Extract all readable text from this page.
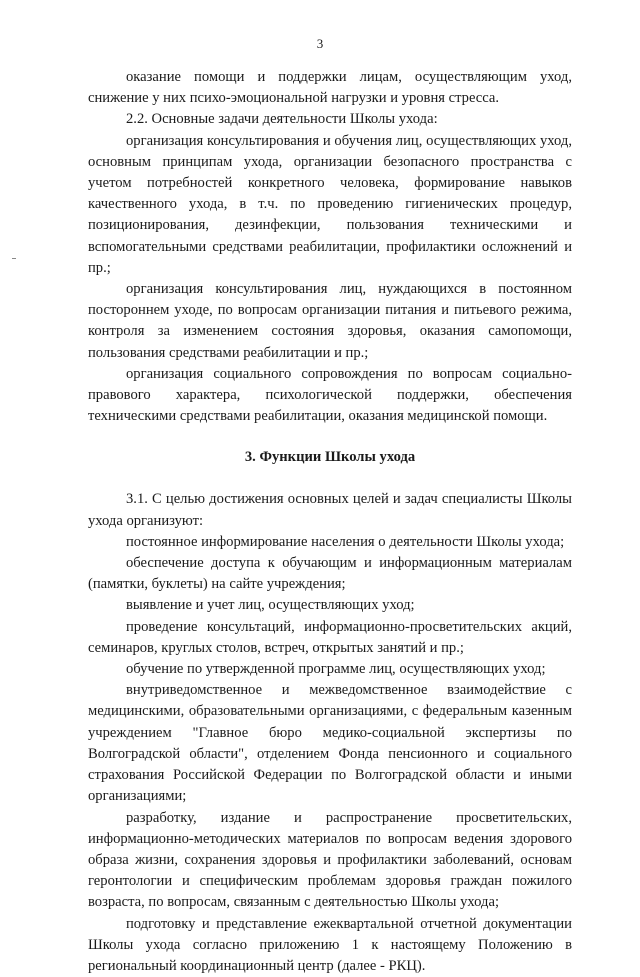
3

оказание помощи и поддержки лицам, осуществляющим уход, снижение у них психо-эмоциональной нагрузки и уровня стресса.

2.2. Основные задачи деятельности Школы ухода:

организация консультирования и обучения лиц, осуществляющих уход, основным принципам ухода, организации безопасного пространства с учетом потребностей конкретного человека, формирование навыков качественного ухода, в т.ч. по проведению гигиенических процедур, позиционирования, дезинфекции, пользования техническими и вспомогательными средствами реабилитации, профилактики осложнений и пр.;

организация консультирования лиц, нуждающихся в постоянном постороннем уходе, по вопросам организации питания и питьевого режима, контроля за изменением состояния здоровья, оказания самопомощи, пользования средствами реабилитации и пр.;

организация социального сопровождения по вопросам социально-правового характера, психологической поддержки, обеспечения техническими средствами реабилитации, оказания медицинской помощи.

3. Функции Школы ухода

3.1. С целью достижения основных целей и задач специалисты Школы ухода организуют:

постоянное информирование населения о деятельности Школы ухода;

обеспечение доступа к обучающим и информационным материалам (памятки, буклеты) на сайте учреждения;

выявление и учет лиц, осуществляющих уход;

проведение консультаций, информационно-просветительских акций, семинаров, круглых столов, встреч, открытых занятий и пр.;

обучение по утвержденной программе лиц, осуществляющих уход;

внутриведомственное и межведомственное взаимодействие с медицинскими, образовательными организациями, с федеральным казенным учреждением "Главное бюро медико-социальной экспертизы по Волгоградской области", отделением Фонда пенсионного и социального страхования Российской Федерации по Волгоградской области и иными организациями;

разработку, издание и распространение просветительских, информационно-методических материалов по вопросам ведения здорового образа жизни, сохранения здоровья и профилактики заболеваний, основам геронтологии и специфическим проблемам здоровья граждан пожилого возраста, по вопросам, связанным с деятельностью Школы ухода;

подготовку и представление ежеквартальной отчетной документации Школы ухода согласно приложению 1 к настоящему Положению в региональный координационный центр (далее - РКЦ).
